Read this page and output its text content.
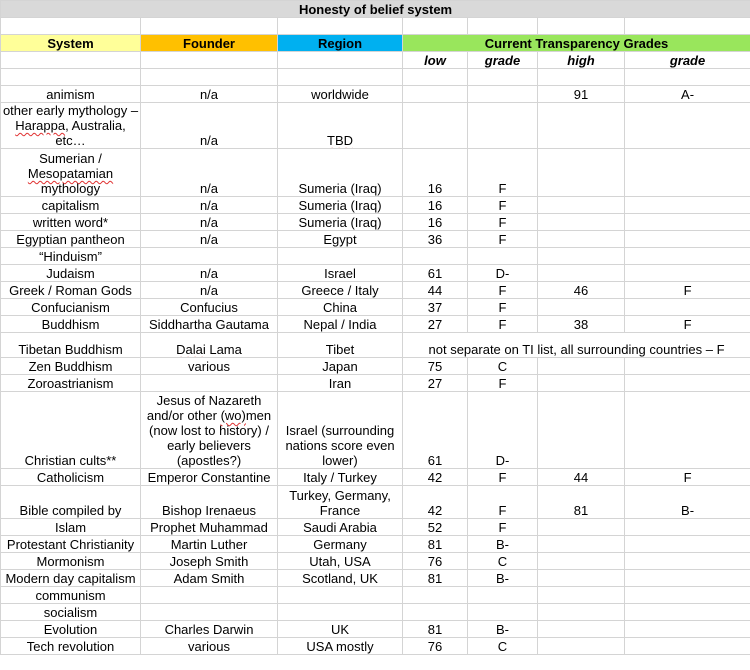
Honesty of belief system						

System	Founder	Region	Current Transparency Grades			
			low	grade	high	grade

animism	n/a	worldwide			91	A-
other early mythology – Harappa, Australia, etc…	n/a	TBD				
Sumerian / Mesopatamian mythology	n/a	Sumeria (Iraq)	16	F		
capitalism	n/a	Sumeria (Iraq)	16	F		
written word*	n/a	Sumeria (Iraq)	16	F		
Egyptian pantheon	n/a	Egypt	36	F		
“Hinduism”						
Judaism	n/a	Israel	61	D-		
Greek / Roman Gods	n/a	Greece / Italy	44	F	46	F
Confucianism	Confucius	China	37	F		
Buddhism	Siddhartha Gautama	Nepal / India	27	F	38	F
Tibetan Buddhism	Dalai Lama	Tibet	not separate on TI list, all surrounding countries – F			
Zen Buddhism	various	Japan	75	C		
Zoroastrianism		Iran	27	F		
Christian cults**	Jesus of Nazareth and/or other (wo)men (now lost to history) / early believers (apostles?)	Israel (surrounding nations score even lower)	61	D-		
Catholicism	Emperor Constantine	Italy / Turkey	42	F	44	F
Bible compiled by	Bishop Irenaeus	Turkey, Germany, France	42	F	81	B-
Islam	Prophet Muhammad	Saudi Arabia	52	F		
Protestant Christianity	Martin Luther	Germany	81	B-		
Mormonism	Joseph Smith	Utah, USA	76	C		
Modern day capitalism	Adam Smith	Scotland, UK	81	B-		
communism						
socialism						
Evolution	Charles Darwin	UK	81	B-		
Tech revolution	various	USA mostly	76	C		
